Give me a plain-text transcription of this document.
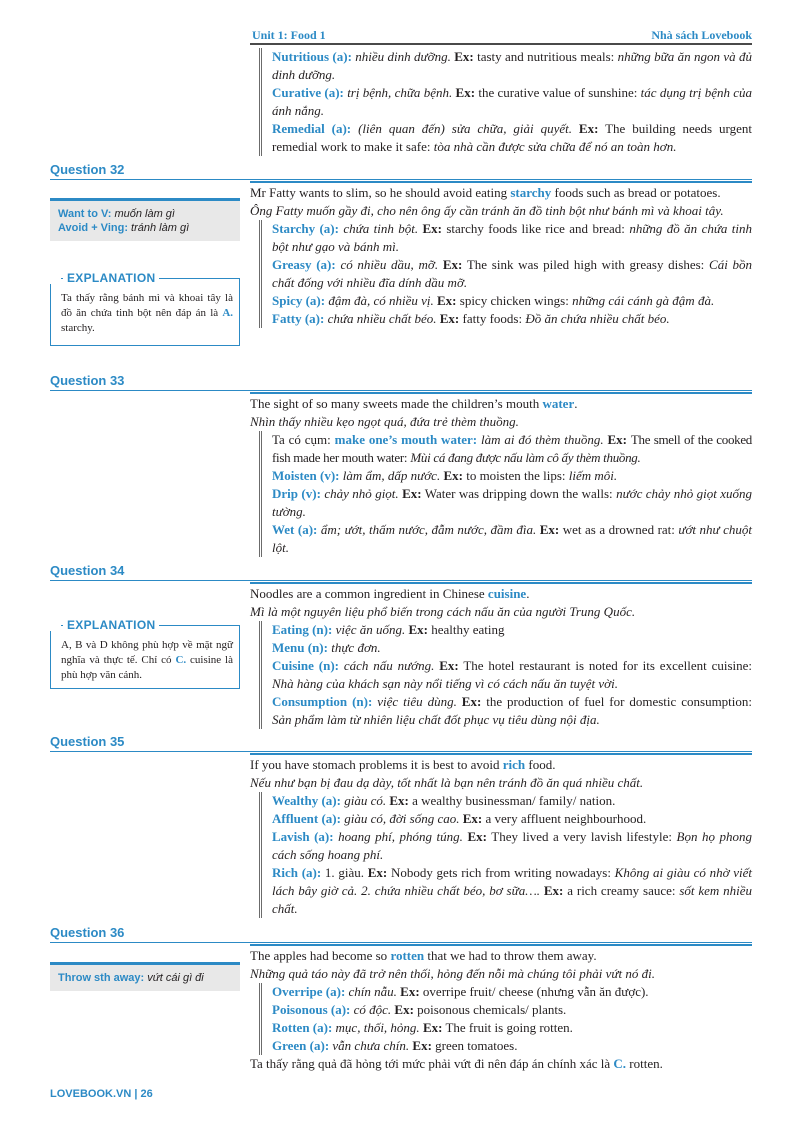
Unit 1: Food 1	Nhà sách Lovebook

Nutritious (a): nhiều dinh dưỡng. Ex: tasty and nutritious meals: những bữa ăn ngon và đủ dinh dưỡng.

Curative (a): trị bệnh, chữa bệnh. Ex: the curative value of sunshine: tác dụng trị bệnh của ánh nắng.

Remedial (a): (liên quan đến) sửa chữa, giải quyết. Ex: The building needs urgent remedial work to make it safe: tòa nhà cần được sửa chữa để nó an toàn hơn.

Question 32
Want to V: muốn làm gì
Avoid + Ving: tránh làm gì
EXPLANATION
Ta thấy rằng bánh mì và khoai tây là đồ ăn chứa tinh bột nên đáp án là A. starchy.

Mr Fatty wants to slim, so he should avoid eating starchy foods such as bread or potatoes.

Ông Fatty muốn gầy đi, cho nên ông ấy cần tránh ăn đồ tinh bột như bánh mì và khoai tây.

Starchy (a): chứa tinh bột. Ex: starchy foods like rice and bread: những đồ ăn chứa tinh bột như gạo và bánh mì.

Greasy (a): có nhiều dầu, mỡ. Ex: The sink was piled high with greasy dishes: Cái bồn chất đống với nhiều đĩa dính dầu mỡ.

Spicy (a): đậm đà, có nhiều vị. Ex: spicy chicken wings: những cái cánh gà đậm đà.

Fatty (a): chứa nhiều chất béo. Ex: fatty foods: Đồ ăn chứa nhiều chất béo.

Question 33

The sight of so many sweets made the children’s mouth water.

Nhìn thấy nhiều kẹo ngọt quá, đứa trẻ thèm thuồng.

Ta có cụm: make one’s mouth water: làm ai đó thèm thuồng. Ex: The smell of the cooked fish made her mouth water: Mùi cá đang được nấu làm cô ấy thèm thuồng.

Moisten (v): làm ẩm, dấp nước. Ex: to moisten the lips: liếm môi.

Drip (v): chảy nhỏ giọt. Ex: Water was dripping down the walls: nước chảy nhỏ giọt xuống tường.

Wet (a): ẩm; ướt, thấm nước, đẫm nước, đầm đìa. Ex: wet as a drowned rat: ướt như chuột lột.

Question 34
EXPLANATION
A, B và D không phù hợp về mặt ngữ nghĩa và thực tế. Chỉ có C. cuisine là phù hợp văn cảnh.

Noodles are a common ingredient in Chinese cuisine.

Mì là một nguyên liệu phổ biến trong cách nấu ăn của người Trung Quốc.

Eating (n): việc ăn uống. Ex: healthy eating

Menu (n): thực đơn.

Cuisine (n): cách nấu nướng. Ex: The hotel restaurant is noted for its excellent cuisine: Nhà hàng của khách sạn này nổi tiếng vì có cách nấu ăn tuyệt vời.

Consumption (n): việc tiêu dùng. Ex: the production of fuel for domestic consumption: Sản phẩm làm từ nhiên liệu chất đốt phục vụ tiêu dùng nội địa.

Question 35

If you have stomach problems it is best to avoid rich food.

Nếu như bạn bị đau dạ dày, tốt nhất là bạn nên tránh đồ ăn quá nhiều chất.

Wealthy (a): giàu có. Ex: a wealthy businessman/ family/ nation.

Affluent (a): giàu có, đời sống cao. Ex: a very affluent neighbourhood.

Lavish (a): hoang phí, phóng túng. Ex: They lived a very lavish lifestyle: Bọn họ phong cách sống hoang phí.

Rich (a): 1. giàu. Ex: Nobody gets rich from writing nowadays: Không ai giàu có nhờ viết lách bây giờ cả. 2. chứa nhiều chất béo, bơ sữa…. Ex: a rich creamy sauce: sốt kem nhiều chất.

Question 36
Throw sth away: vứt cái gì đi

The apples had become so rotten that we had to throw them away.

Những quả táo này đã trở nên thối, hỏng đến nỗi mà chúng tôi phải vứt nó đi.

Overripe (a): chín nẫu. Ex: overripe fruit/ cheese (nhưng vẫn ăn được).

Poisonous (a): có độc. Ex: poisonous chemicals/ plants.

Rotten (a): mục, thối, hỏng. Ex: The fruit is going rotten.

Green (a): vẫn chưa chín. Ex: green tomatoes.

Ta thấy rằng quả đã hỏng tới mức phải vứt đi nên đáp án chính xác là C. rotten.

LOVEBOOK.VN | 26
